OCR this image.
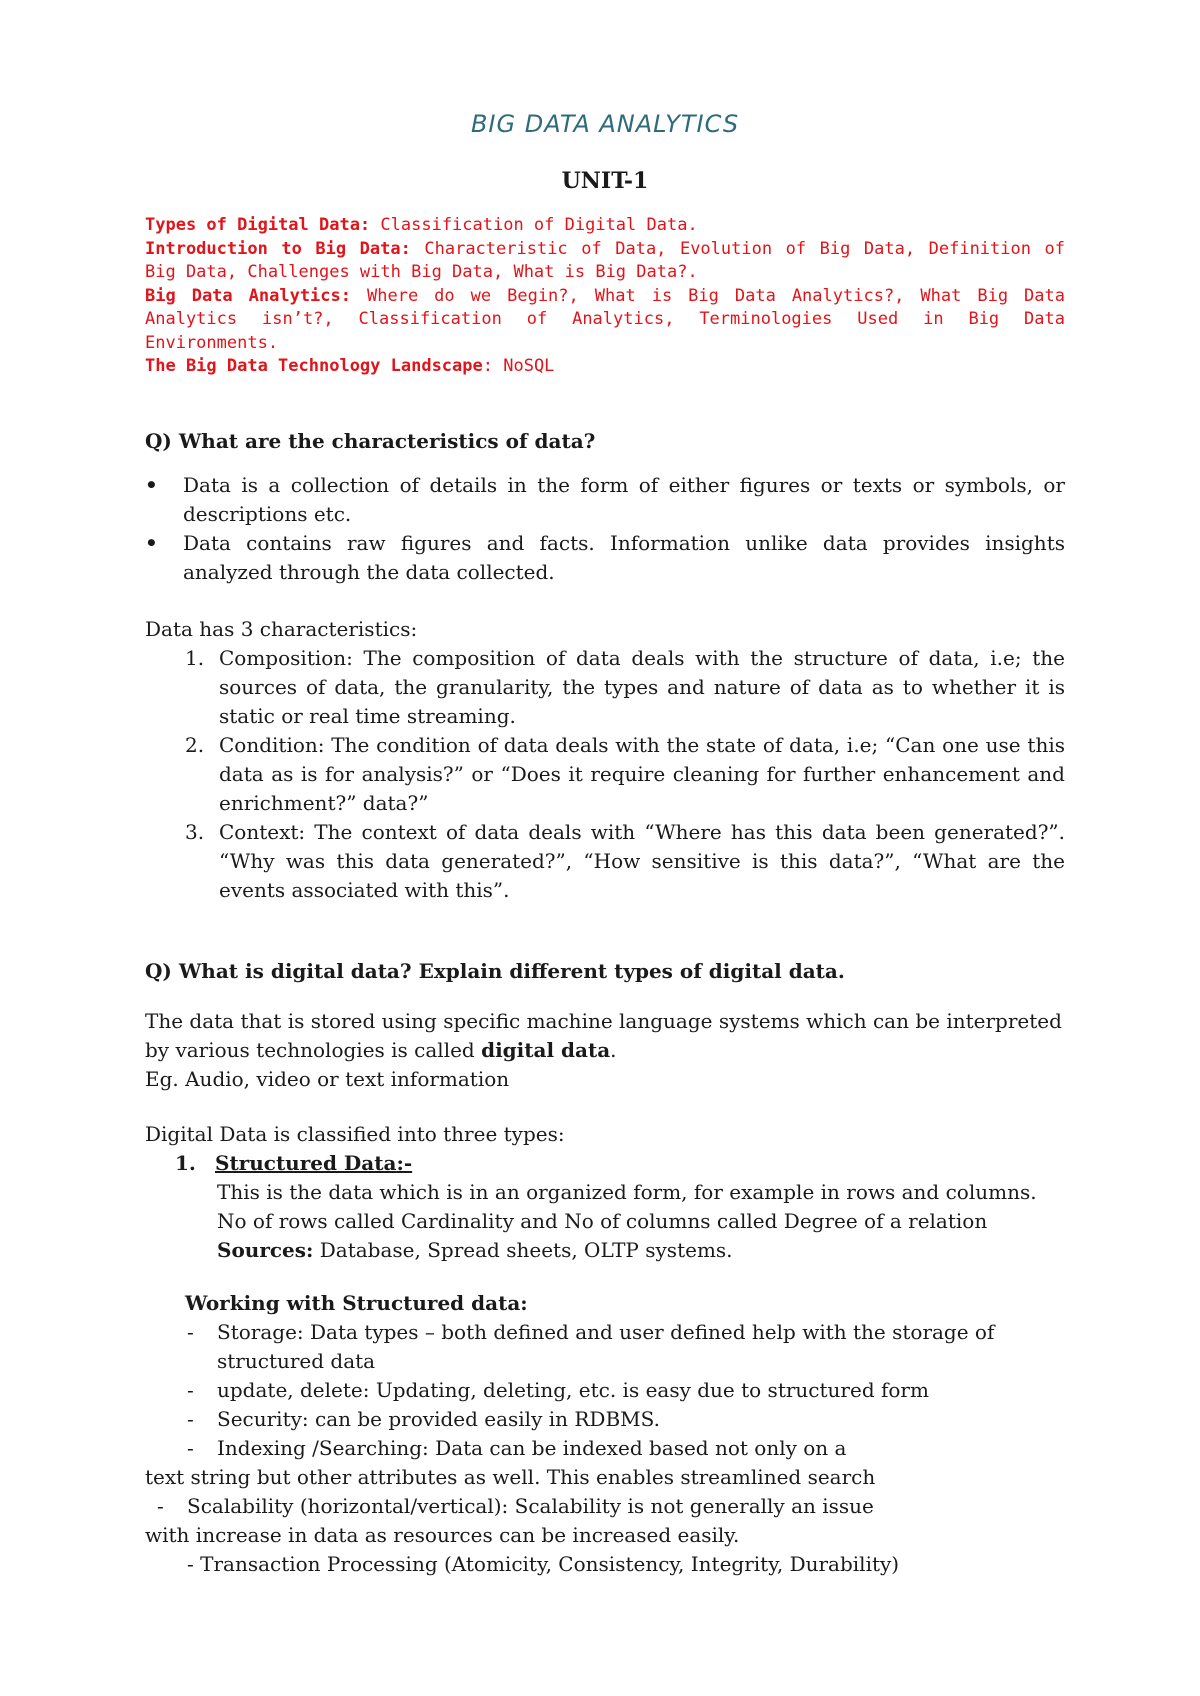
BIG DATA ANALYTICS
UNIT-1

Types of Digital Data: Classification of Digital Data.

Introduction to Big Data: Characteristic of Data, Evolution of Big Data, Definition of Big Data, Challenges with Big Data, What is Big Data?.

Big Data Analytics: Where do we Begin?, What is Big Data Analytics?, What Big Data Analytics isn’t?, Classification of Analytics, Terminologies Used in Big Data Environments.

The Big Data Technology Landscape: NoSQL

Q) What are the characteristics of data?
• Data is a collection of details in the form of either figures or texts or symbols, or descriptions etc.
• Data contains raw figures and facts. Information unlike data provides insights analyzed through the data collected.
Data has 3 characteristics:
1. Composition: The composition of data deals with the structure of data, i.e; the sources of data, the granularity, the types and nature of data as to whether it is static or real time streaming.
2. Condition: The condition of data deals with the state of data, i.e; “Can one use this data as is for analysis?” or “Does it require cleaning for further enhancement and enrichment?” data?”
3. Context: The context of data deals with “Where has this data been generated?”. “Why was this data generated?”, “How sensitive is this data?”, “What are the events associated with this”.
Q) What is digital data? Explain different types of digital data.
The data that is stored using specific machine language systems which can be interpreted by various technologies is called digital data.
Eg. Audio, video or text information
Digital Data is classified into three types:
1. Structured Data:-
This is the data which is in an organized form, for example in rows and columns.
No of rows called Cardinality and No of columns called Degree of a relation
Sources: Database, Spread sheets, OLTP systems.
Working with Structured data:
- Storage: Data types – both defined and user defined help with the storage of structured data
- update, delete: Updating, deleting, etc. is easy due to structured form
- Security: can be provided easily in RDBMS.
- Indexing /Searching: Data can be indexed based not only on a
text string but other attributes as well. This enables streamlined search
- Scalability (horizontal/vertical): Scalability is not generally an issue
with increase in data as resources can be increased easily.
- Transaction Processing (Atomicity, Consistency, Integrity, Durability)
